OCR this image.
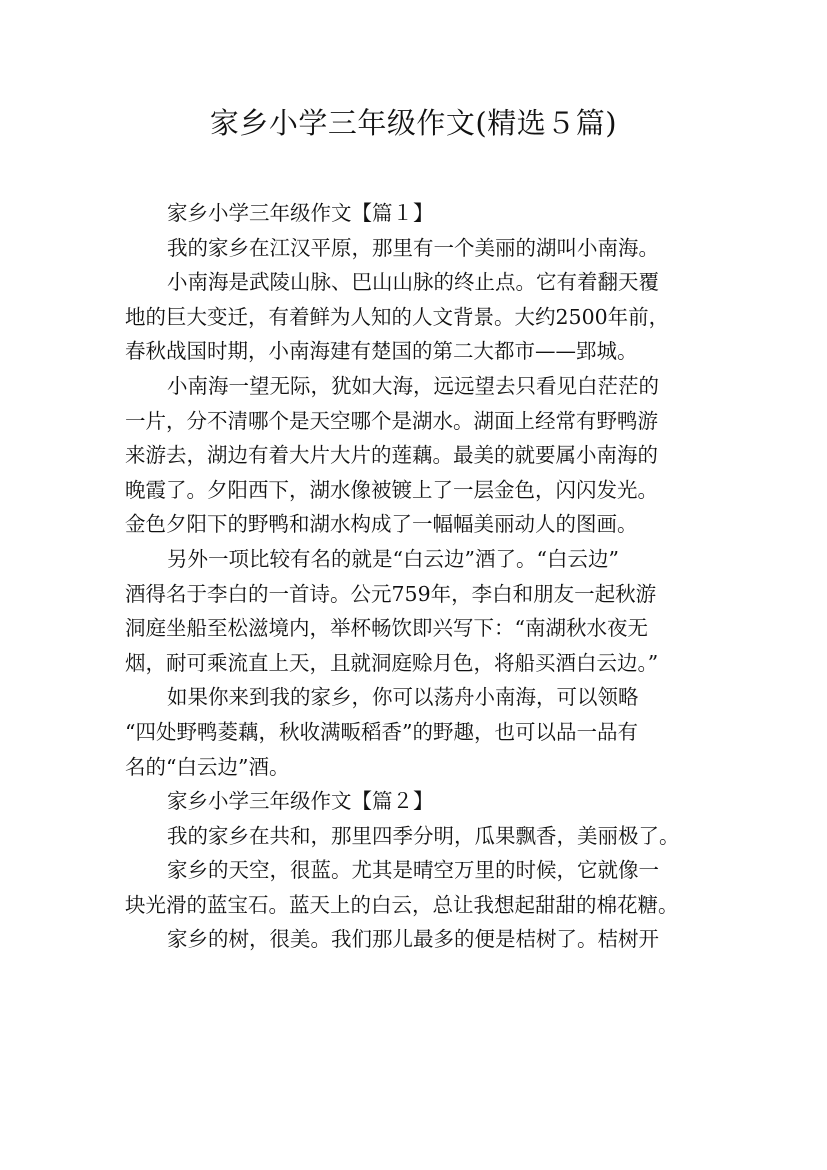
家乡小学三年级作文(精选５篇)

家乡小学三年级作文【篇１】

我的家乡在江汉平原，那里有一个美丽的湖叫小南海。

小南海是武陵山脉、巴山山脉的终止点。它有着翻天覆

地的巨大变迁，有着鲜为人知的人文背景。大约2500年前，

春秋战国时期，小南海建有楚国的第二大都市——郢城。

小南海一望无际，犹如大海，远远望去只看见白茫茫的

一片，分不清哪个是天空哪个是湖水。湖面上经常有野鸭游

来游去，湖边有着大片大片的莲藕。最美的就要属小南海的

晚霞了。夕阳西下，湖水像被镀上了一层金色，闪闪发光。

金色夕阳下的野鸭和湖水构成了一幅幅美丽动人的图画。

另外一项比较有名的就是“白云边”酒了。“白云边”

酒得名于李白的一首诗。公元759年，李白和朋友一起秋游

洞庭坐船至松滋境内，举杯畅饮即兴写下：“南湖秋水夜无

烟，耐可乘流直上天，且就洞庭赊月色，将船买酒白云边。”

如果你来到我的家乡，你可以荡舟小南海，可以领略

“四处野鸭菱藕，秋收满畈稻香”的野趣，也可以品一品有

名的“白云边”酒。

家乡小学三年级作文【篇２】

我的家乡在共和，那里四季分明，瓜果飘香，美丽极了。

家乡的天空，很蓝。尤其是晴空万里的时候，它就像一

块光滑的蓝宝石。蓝天上的白云，总让我想起甜甜的棉花糖。

家乡的树，很美。我们那儿最多的便是桔树了。桔树开
